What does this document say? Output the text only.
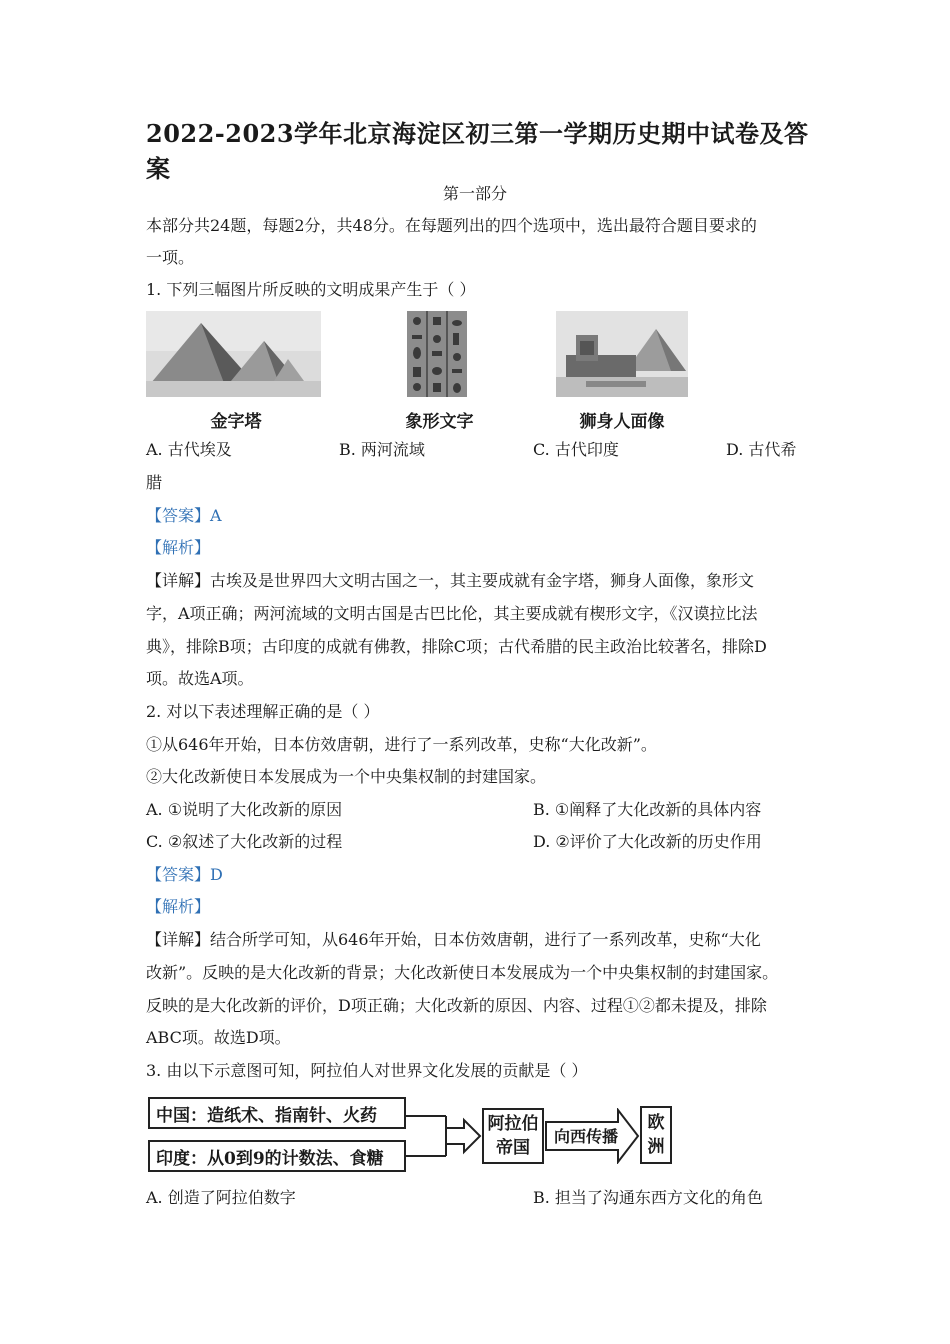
2022-2023学年北京海淀区初三第一学期历史期中试卷及答
案
第一部分
本部分共24题，每题2分，共48分。在每题列出的四个选项中，选出最符合题目要求的
一项。
1. 下列三幅图片所反映的文明成果产生于（ ）
金字塔	象形文字	狮身人面像
A. 古代埃及	B. 两河流域	C. 古代印度	D. 古代希
腊
【答案】A
【解析】
【详解】古埃及是世界四大文明古国之一，其主要成就有金字塔，狮身人面像，象形文
字，A项正确；两河流域的文明古国是古巴比伦，其主要成就有楔形文字，《汉谟拉比法
典》，排除B项；古印度的成就有佛教，排除C项；古代希腊的民主政治比较著名，排除D
项。故选A项。
2. 对以下表述理解正确的是（ ）
①从646年开始，日本仿效唐朝，进行了一系列改革，史称“大化改新”。
②大化改新使日本发展成为一个中央集权制的封建国家。
A. ①说明了大化改新的原因	B. ①阐释了大化改新的具体内容
C. ②叙述了大化改新的过程	D. ②评价了大化改新的历史作用
【答案】D
【解析】
【详解】结合所学可知，从646年开始，日本仿效唐朝，进行了一系列改革，史称“大化
改新”。反映的是大化改新的背景；大化改新使日本发展成为一个中央集权制的封建国家。
反映的是大化改新的评价，D项正确；大化改新的原因、内容、过程①②都未提及，排除
ABC项。故选D项。
3. 由以下示意图可知，阿拉伯人对世界文化发展的贡献是（ ）
中国：造纸术、指南针、火药
印度：从0到9的计数法、食糖
阿拉伯
帝国
向西传播
欧
洲
A. 创造了阿拉伯数字	B. 担当了沟通东西方文化的角色
